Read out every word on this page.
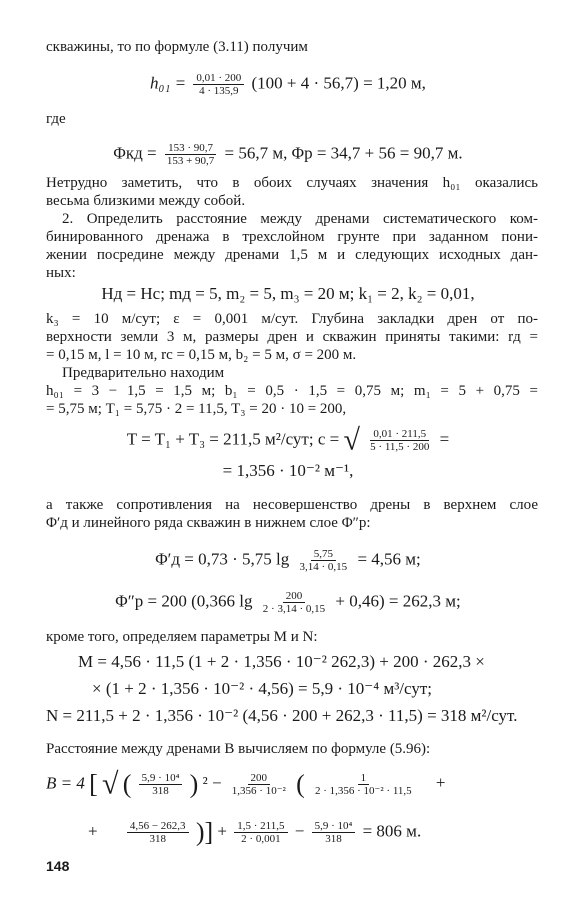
скважины, то по формуле (3.11) получим
$h_{01} = \frac{0,01 \cdot 200}{4 \cdot 135,9} (100 + 4 \cdot 56,7) = 1,20$ м,
где
$\Phi кд = \frac{153 \cdot 90,7}{153 + 90,7} = 56,7$ м, Φр = 34,7 + 56 = 90,7 м.
Нетрудно заметить, что в обоих случаях значения h₀₁ оказались
весьма близкими между собой.
2. Определить расстояние между дренами систематического ком-
бинированного дренажа в трехслойном грунте при заданном пони-
жении посредине между дренами 1,5 м и следующих исходных дан-
ных:
Hд = Hс; mд = 5, m₂ = 5, m₃ = 20 м; k₁ = 2, k₂ = 0,01,
k₃ = 10 м/сут; ε = 0,001 м/сут. Глубина закладки дрен от по-
верхности земли 3 м, размеры дрен и скважин приняты такими: rд =
= 0,15 м, l = 10 м, rс = 0,15 м, b₂ = 5 м, σ = 200 м.
Предварительно находим
h₀₁ = 3 − 1,5 = 1,5 м; b₁ = 0,5 · 1,5 = 0,75 м; m₁ = 5 + 0,75 =
= 5,75 м; T₁ = 5,75 · 2 = 11,5, T₃ = 20 · 10 = 200,
T = T₁ + T₃ = 211,5 м²/сут; c = √ $\frac{0,01 \cdot 211,5}{5 \cdot 11,5 \cdot 200}$ =
= 1,356 · 10⁻² м⁻¹,
а также сопротивления на несовершенство дрены в верхнем слое
Φ′д и линейного ряда скважин в нижнем слое Φ″р:
Φ′д = 0,73 · 5,75 $\lg \frac{5,75}{3,14 \cdot 0,15} = 4,56$ м;
Φ″р = 200 (0,366 $\lg \frac{200}{2 \cdot 3,14 \cdot 0,15} + 0,46) = 262,3$ м;
кроме того, определяем параметры M и N:
M = 4,56 · 11,5 (1 + 2 · 1,356 · 10⁻² 262,3) + 200 · 262,3 ×
× (1 + 2 · 1,356 · 10⁻² · 4,56) = 5,9 · 10⁻⁴ м³/сут;
N = 211,5 + 2 · 1,356 · 10⁻² (4,56 · 200 + 262,3 · 11,5) = 318 м²/сут.
Расстояние между дренами B вычисляем по формуле (5.96):
B = 4 [ √ ( $\frac{\text{5,9 · 10⁴}}{318}$ ) $^2 - \frac{200}{\text{1,356 · 10⁻²}}$ ( $\frac{1}{\text{2 · 1,356 · 10⁻² · 11,5}}$ +
+	$\frac{4,56 - 262,3}{318}$ )] + $\frac{1,5 \cdot 211,5}{2 \cdot 0,001} - \frac{\text{5,9 · 10⁴}}{318} = 806$ м.
148
